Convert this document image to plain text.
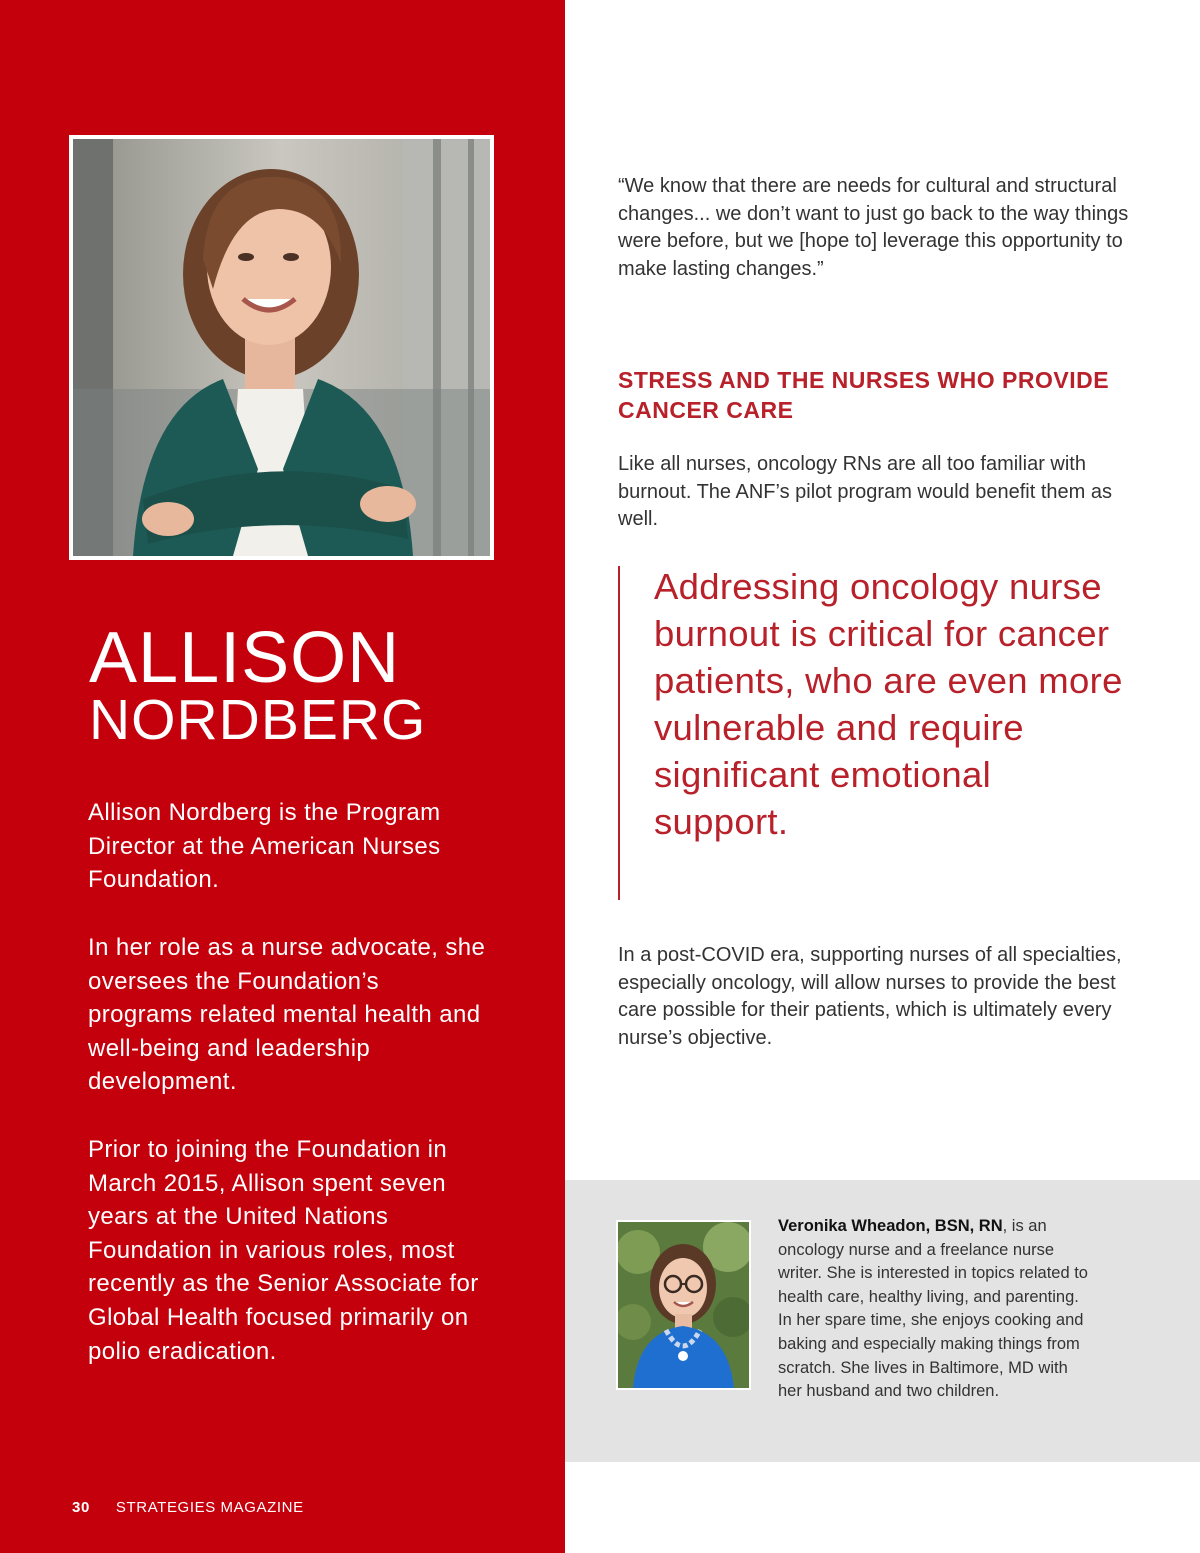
ALLISON
NORDBERG

Allison Nordberg is the Program Director at the American Nurses Foundation.

In her role as a nurse advocate, she oversees the Foundation’s programs related mental health and well-being and leadership development.

Prior to joining the Foundation in March 2015, Allison spent seven years at the United Nations Foundation in various roles, most recently as the Senior Associate for Global Health focused primarily on polio eradication.

30 STRATEGIES MAGAZINE

“We know that there are needs for cultural and structural changes... we don’t want to just go back to the way things were before, but we [hope to] leverage this opportunity to make lasting changes.”

STRESS AND THE NURSES WHO PROVIDE CANCER CARE

Like all nurses, oncology RNs are all too familiar with burnout. The ANF’s pilot program would benefit them as well.

Addressing oncology nurse burnout is critical for cancer patients, who are even more vulnerable and require significant emotional support.

In a post-COVID era, supporting nurses of all specialties, especially oncology, will allow nurses to provide the best care possible for their patients, which is ultimately every nurse’s objective.

Veronika Wheadon, BSN, RN, is an oncology nurse and a freelance nurse writer. She is interested in topics related to health care, healthy living, and parenting. In her spare time, she enjoys cooking and baking and especially making things from scratch. She lives in Baltimore, MD with her husband and two children.
